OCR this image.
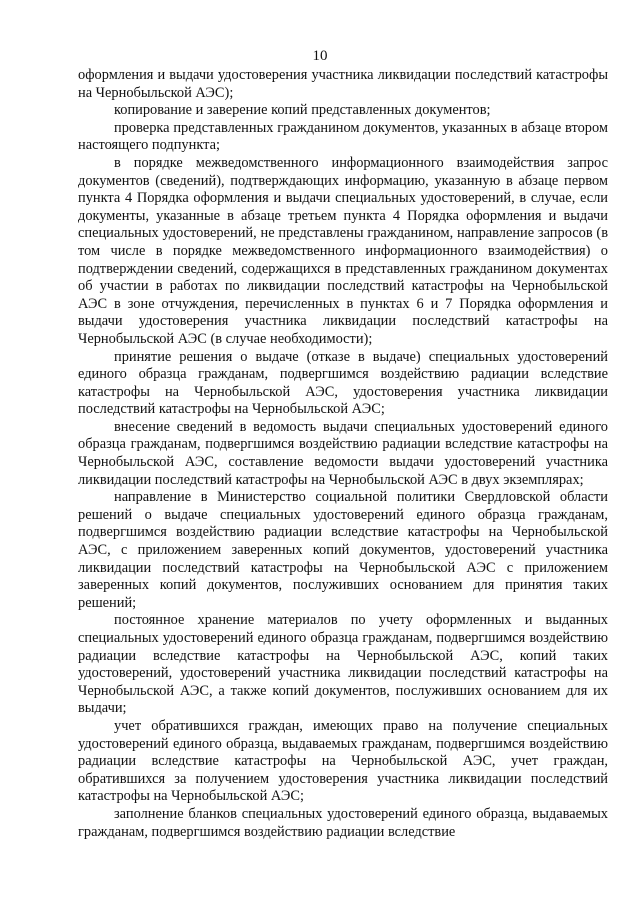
10

оформления и выдачи удостоверения участника ликвидации последствий катастрофы на Чернобыльской АЭС);

копирование и заверение копий представленных документов;

проверка представленных гражданином документов, указанных в абзаце втором настоящего подпункта;

в порядке межведомственного информационного взаимодействия запрос документов (сведений), подтверждающих информацию, указанную в абзаце первом пункта 4 Порядка оформления и выдачи специальных удостоверений, в случае, если документы, указанные в абзаце третьем пункта 4 Порядка оформления и выдачи специальных удостоверений, не представлены гражданином, направление запросов (в том числе в порядке межведомственного информационного взаимодействия) о подтверждении сведений, содержащихся в представленных гражданином документах об участии в работах по ликвидации последствий катастрофы на Чернобыльской АЭС в зоне отчуждения, перечисленных в пунктах 6 и 7 Порядка оформления и выдачи удостоверения участника ликвидации последствий катастрофы на Чернобыльской АЭС (в случае необходимости);

принятие решения о выдаче (отказе в выдаче) специальных удостоверений единого образца гражданам, подвергшимся воздействию радиации вследствие катастрофы на Чернобыльской АЭС, удостоверения участника ликвидации последствий катастрофы на Чернобыльской АЭС;

внесение сведений в ведомость выдачи специальных удостоверений единого образца гражданам, подвергшимся воздействию радиации вследствие катастрофы на Чернобыльской АЭС, составление ведомости выдачи удостоверений участника ликвидации последствий катастрофы на Чернобыльской АЭС в двух экземплярах;

направление в Министерство социальной политики Свердловской области решений о выдаче специальных удостоверений единого образца гражданам, подвергшимся воздействию радиации вследствие катастрофы на Чернобыльской АЭС, с приложением заверенных копий документов, удостоверений участника ликвидации последствий катастрофы на Чернобыльской АЭС с приложением заверенных копий документов, послуживших основанием для принятия таких решений;

постоянное хранение материалов по учету оформленных и выданных специальных удостоверений единого образца гражданам, подвергшимся воздействию радиации вследствие катастрофы на Чернобыльской АЭС, копий таких удостоверений, удостоверений участника ликвидации последствий катастрофы на Чернобыльской АЭС, а также копий документов, послуживших основанием для их выдачи;

учет обратившихся граждан, имеющих право на получение специальных удостоверений единого образца, выдаваемых гражданам, подвергшимся воздействию радиации вследствие катастрофы на Чернобыльской АЭС, учет граждан, обратившихся за получением удостоверения участника ликвидации последствий катастрофы на Чернобыльской АЭС;

заполнение бланков специальных удостоверений единого образца, выдаваемых гражданам, подвергшимся воздействию радиации вследствие
